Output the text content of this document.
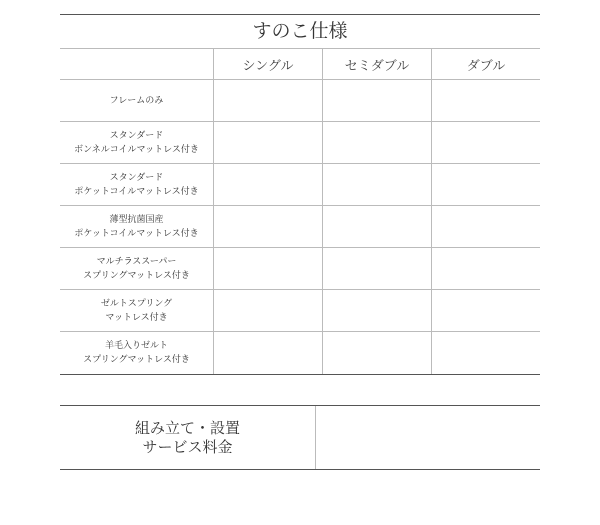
すのこ仕様
シングル	セミダブル	ダブル
フレームのみ
スタンダード
ボンネルコイルマットレス付き
スタンダード
ポケットコイルマットレス付き
薄型抗菌国産
ポケットコイルマットレス付き
マルチラススーパー
スプリングマットレス付き
ゼルトスプリング
マットレス付き
羊毛入りゼルト
スプリングマットレス付き
組み立て・設置
サービス料金
